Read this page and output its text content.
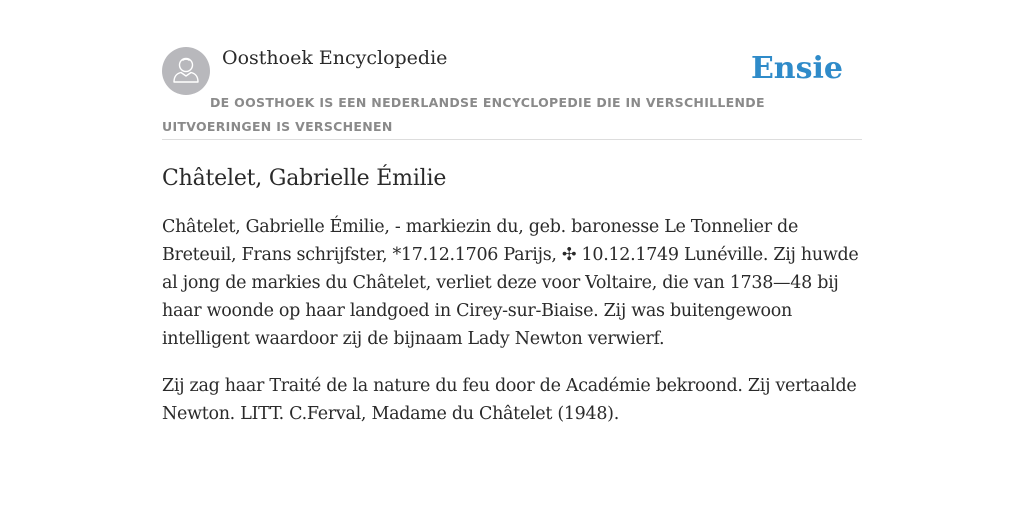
Oosthoek Encyclopedie	Ensie
DE OOSTHOEK IS EEN NEDERLANDSE ENCYCLOPEDIE DIE IN VERSCHILLENDE UITVOERINGEN IS VERSCHENEN
Châtelet, Gabrielle Émilie

Châtelet, Gabrielle Émilie, - markiezin du, geb. baronesse Le Tonnelier de Breteuil, Frans schrijfster, *17.12.1706 Parijs, ✣ 10.12.1749 Lunéville. Zij huwde al jong de markies du Châtelet, verliet deze voor Voltaire, die van 1738—48 bij haar woonde op haar landgoed in Cirey-sur-Biaise. Zij was buitengewoon intelligent waardoor zij de bijnaam Lady Newton verwierf.

Zij zag haar Traité de la nature du feu door de Académie bekroond. Zij vertaalde Newton. LITT. C.Ferval, Madame du Châtelet (1948).
